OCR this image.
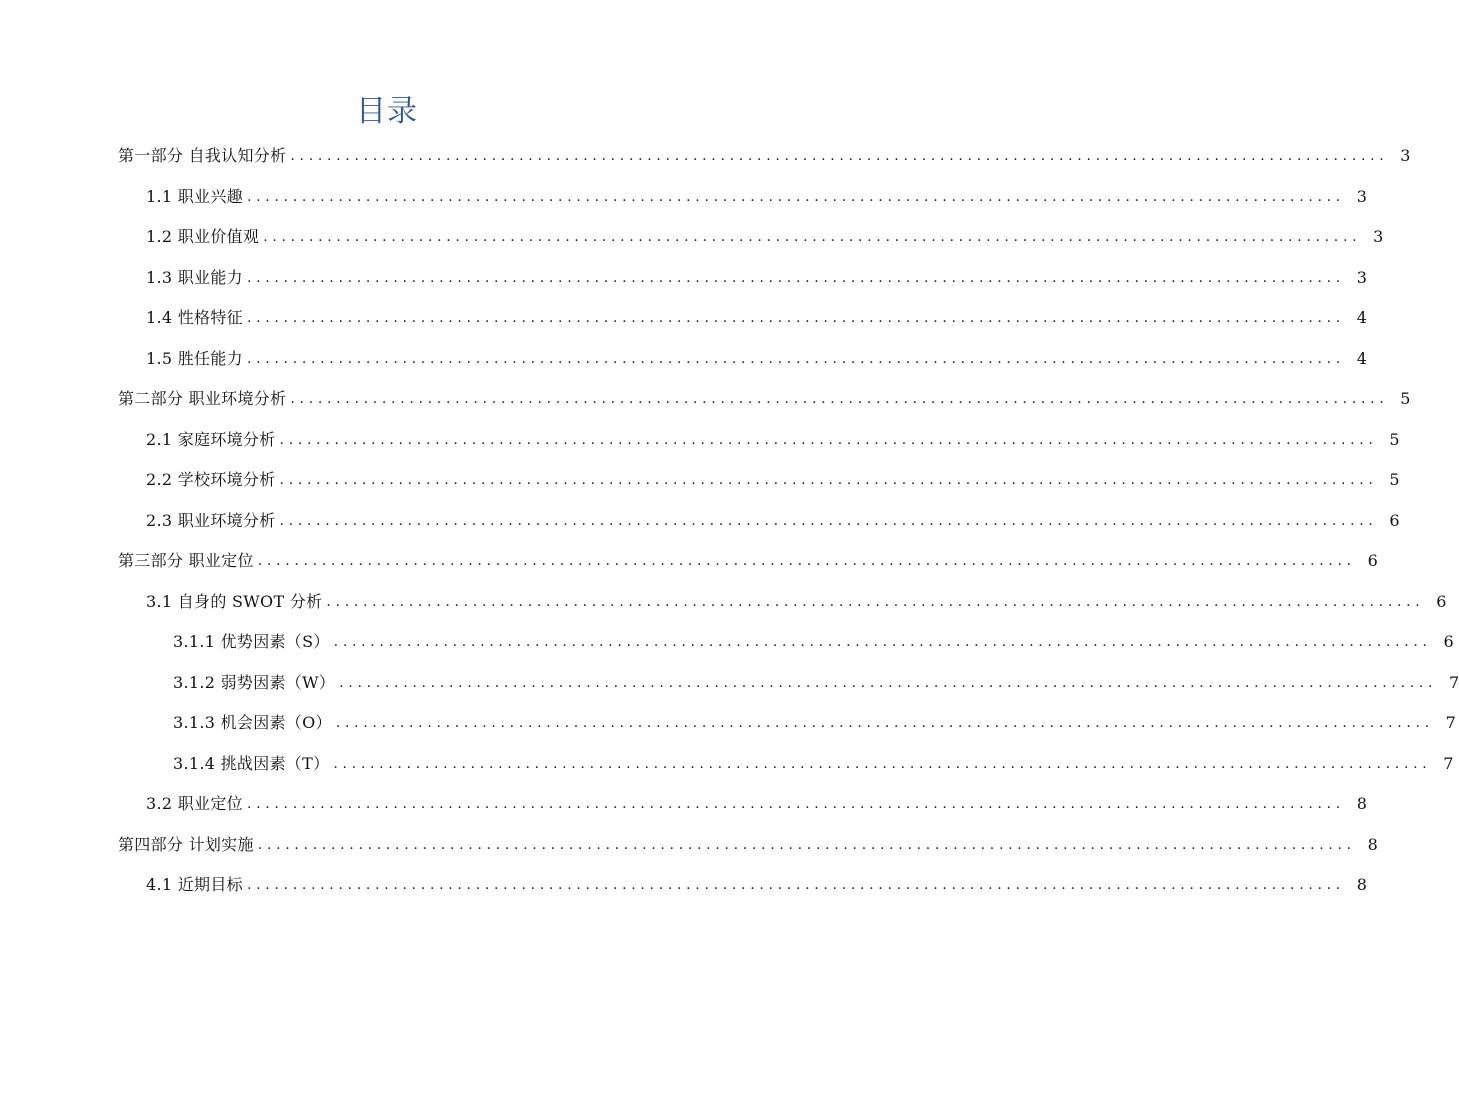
目录
第一部分 自我认知分析 ........................................................................................................................ 3
1.1 职业兴趣 ........................................................................................................................ 3
1.2 职业价值观 ........................................................................................................................ 3
1.3 职业能力 ........................................................................................................................ 3
1.4 性格特征 ........................................................................................................................ 4
1.5 胜任能力 ........................................................................................................................ 4
第二部分 职业环境分析 ........................................................................................................................ 5
2.1 家庭环境分析 ........................................................................................................................ 5
2.2 学校环境分析 ........................................................................................................................ 5
2.3 职业环境分析 ........................................................................................................................ 6
第三部分 职业定位 ........................................................................................................................ 6
3.1 自身的 SWOT 分析 ........................................................................................................................ 6
3.1.1 优势因素（S） ........................................................................................................................ 6
3.1.2 弱势因素（W） ........................................................................................................................ 7
3.1.3 机会因素（O） ........................................................................................................................ 7
3.1.4 挑战因素（T） ........................................................................................................................ 7
3.2 职业定位 ........................................................................................................................ 8
第四部分 计划实施 ........................................................................................................................ 8
4.1 近期目标 ........................................................................................................................ 8
